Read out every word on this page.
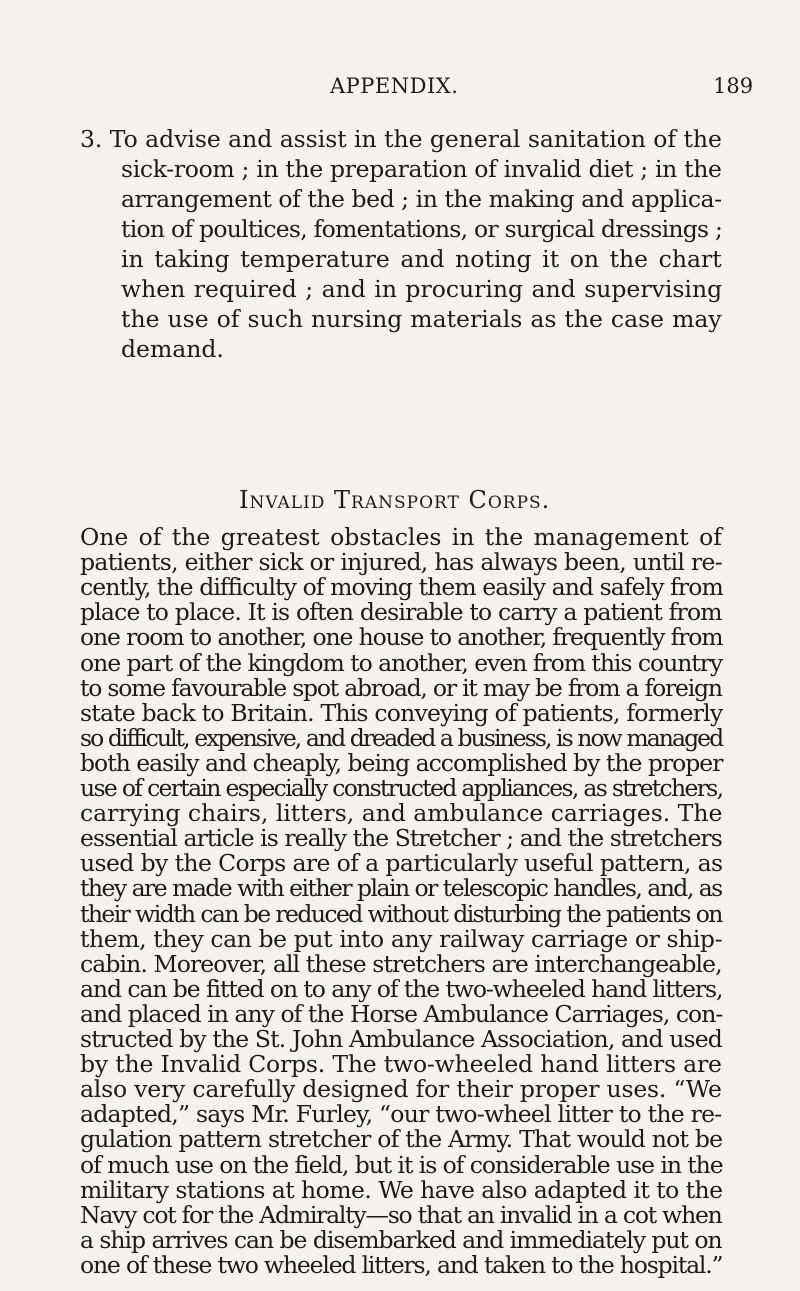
APPENDIX.	189
3. To advise and assist in the general sanitation of the
sick-room ; in the preparation of invalid diet ; in the
arrangement of the bed ; in the making and applica-
tion of poultices, fomentations, or surgical dressings ;
in taking temperature and noting it on the chart
when required ; and in procuring and supervising
the use of such nursing materials as the case may
demand.
Invalid Transport Corps.
One of the greatest obstacles in the management of
patients, either sick or injured, has always been, until re-
cently, the difficulty of moving them easily and safely from
place to place. It is often desirable to carry a patient from
one room to another, one house to another, frequently from
one part of the kingdom to another, even from this country
to some favourable spot abroad, or it may be from a foreign
state back to Britain. This conveying of patients, formerly
so difficult, expensive, and dreaded a business, is now managed
both easily and cheaply, being accomplished by the proper
use of certain especially constructed appliances, as stretchers,
carrying chairs, litters, and ambulance carriages. The
essential article is really the Stretcher ; and the stretchers
used by the Corps are of a particularly useful pattern, as
they are made with either plain or telescopic handles, and, as
their width can be reduced without disturbing the patients on
them, they can be put into any railway carriage or ship-
cabin. Moreover, all these stretchers are interchangeable,
and can be fitted on to any of the two-wheeled hand litters,
and placed in any of the Horse Ambulance Carriages, con-
structed by the St. John Ambulance Association, and used
by the Invalid Corps. The two-wheeled hand litters are
also very carefully designed for their proper uses. “We
adapted,” says Mr. Furley, “our two-wheel litter to the re-
gulation pattern stretcher of the Army. That would not be
of much use on the field, but it is of considerable use in the
military stations at home. We have also adapted it to the
Navy cot for the Admiralty—so that an invalid in a cot when
a ship arrives can be disembarked and immediately put on
one of these two wheeled litters, and taken to the hospital.”
